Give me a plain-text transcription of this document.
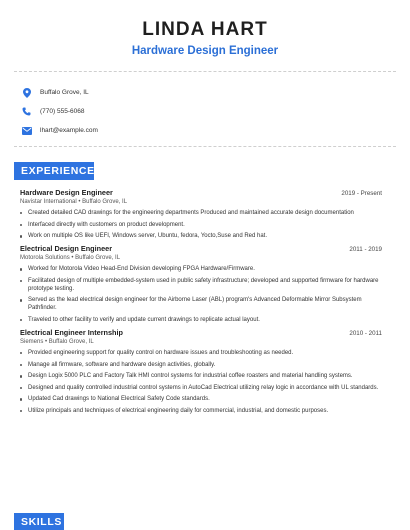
LINDA HART
Hardware Design Engineer
Buffalo Grove, IL
(770) 555-6068
lhart@example.com
EXPERIENCE
Hardware Design Engineer	2019 - Present
Navistar International • Buffalo Grove, IL
Created detailed CAD drawings for the engineering departments Produced and maintained accurate design documentation
Interfaced directly with customers on product development.
Work on multiple OS like UEFI, Windows server, Ubuntu, fedora, Yocto,Suse and Red hat.
Electrical Design Engineer	2011 - 2019
Motorola Solutions • Buffalo Grove, IL
Worked for Motorola Video Head-End Division developing FPGA Hardware/Firmware.
Facilitated design of multiple embedded-system used in public safety infrastructure; developed and supported firmware for hardware prototype testing.
Served as the lead electrical design engineer for the Airborne Laser (ABL) program's Advanced Deformable Mirror Subsystem Pathfinder.
Traveled to other facility to verify and update current drawings to replicate actual layout.
Electrical Engineer Internship	2010 - 2011
Siemens • Buffalo Grove, IL
Provided engineering support for quality control on hardware issues and troubleshooting as needed.
Manage all firmware, software and hardware design activities, globally.
Design Logix 5000 PLC and Factory Talk HMI control systems for industrial coffee roasters and material handling systems.
Designed and quality controlled industrial control systems in AutoCad Electrical utilizing relay logic in accordance with UL standards.
Updated Cad drawings to National Electrical Safety Code standards.
Utilize principals and techniques of electrical engineering daily for commercial, industrial, and domestic purposes.
SKILLS
